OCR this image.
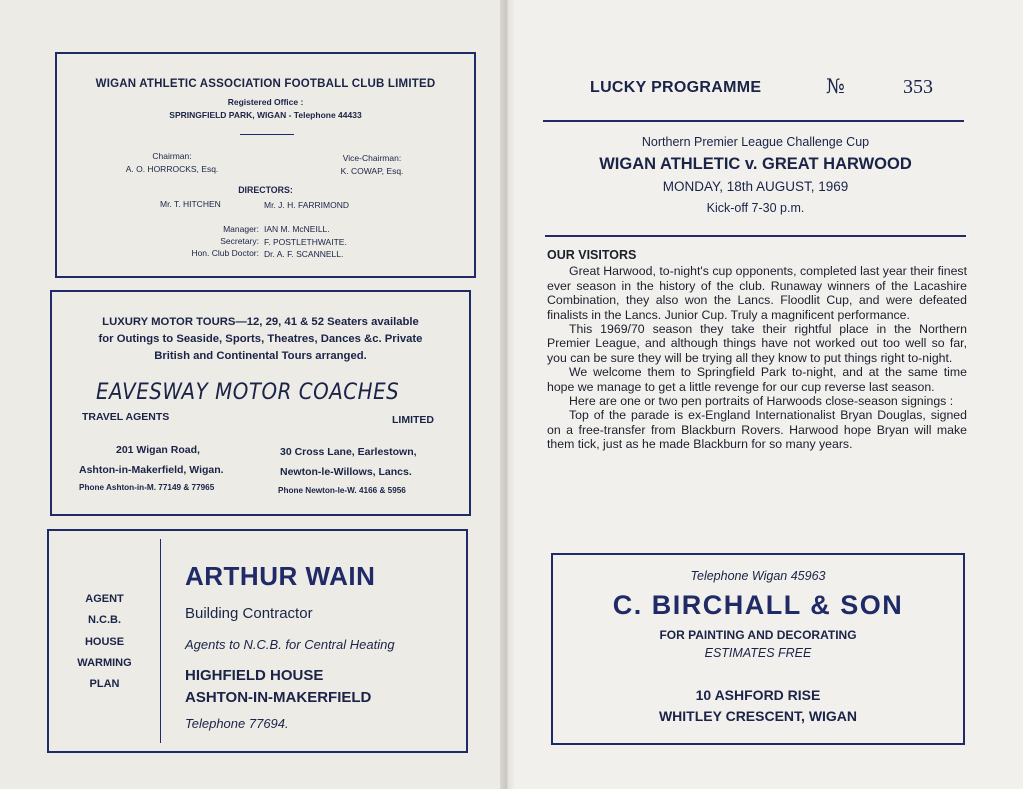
WIGAN ATHLETIC ASSOCIATION FOOTBALL CLUB LIMITED
Registered Office :
SPRINGFIELD PARK, WIGAN - Telephone 44433
Chairman:
A. O. HORROCKS, Esq.
Vice-Chairman:
K. COWAP, Esq.
DIRECTORS:
Mr. T. HITCHEN	Mr. J. H. FARRIMOND
Manager: IAN M. McNEILL.
Secretary: F. POSTLETHWAITE.
Hon. Club Doctor: Dr. A. F. SCANNELL.
LUXURY MOTOR TOURS—12, 29, 41 & 52 Seaters available
for Outings to Seaside, Sports, Theatres, Dances &c. Private
British and Continental Tours arranged.
EAVESWAY MOTOR COACHES
TRAVEL AGENTS	LIMITED
201 Wigan Road,
Ashton-in-Makerfield, Wigan.
Phone Ashton-in-M. 77149 & 77965
30 Cross Lane, Earlestown,
Newton-le-Willows, Lancs.
Phone Newton-le-W. 4166 & 5956
AGENT
N.C.B.
HOUSE
WARMING
PLAN
ARTHUR WAIN
Building Contractor
Agents to N.C.B. for Central Heating
HIGHFIELD HOUSE
ASHTON-IN-MAKERFIELD
Telephone 77694.
LUCKY PROGRAMME	№	353
Northern Premier League Challenge Cup
WIGAN ATHLETIC v. GREAT HARWOOD
MONDAY, 18th AUGUST, 1969
Kick-off 7-30 p.m.
OUR VISITORS

Great Harwood, to-night's cup opponents, completed last year their finest ever season in the history of the club. Runaway winners of the Lacashire Combination, they also won the Lancs. Floodlit Cup, and were defeated finalists in the Lancs. Junior Cup. Truly a magnificent performance.

This 1969/70 season they take their rightful place in the Northern Premier League, and although things have not worked out too well so far, you can be sure they will be trying all they know to put things right to-night.

We welcome them to Springfield Park to-night, and at the same time hope we manage to get a little revenge for our cup reverse last season.

Here are one or two pen portraits of Harwoods close-season signings :

Top of the parade is ex-England Internationalist Bryan Douglas, signed on a free-transfer from Blackburn Rovers. Harwood hope Bryan will make them tick, just as he made Blackburn for so many years.

Telephone Wigan 45963
C. BIRCHALL & SON
FOR PAINTING AND DECORATING
ESTIMATES FREE
10 ASHFORD RISE
WHITLEY CRESCENT, WIGAN
